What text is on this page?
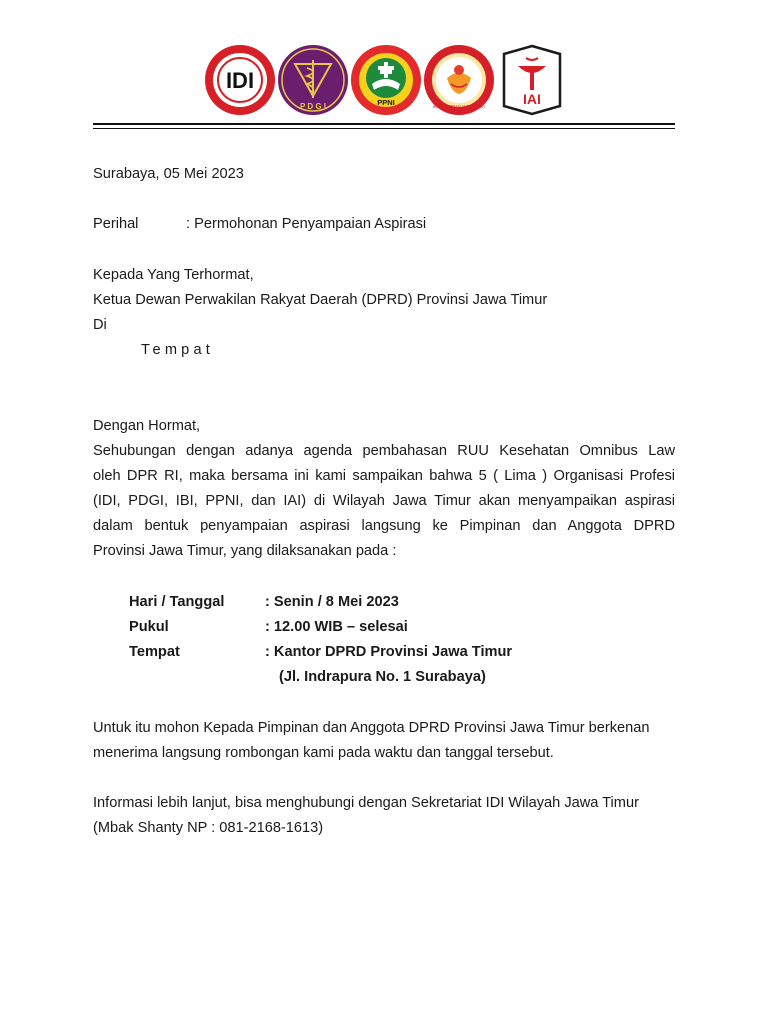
IDI
P D G I	PPNI	IKATAN BIDAN INDONESIA	IAI
Surabaya, 05 Mei 2023
Perihal	: Permohonan Penyampaian Aspirasi
Kepada Yang Terhormat,
Ketua Dewan Perwakilan Rakyat Daerah (DPRD) Provinsi Jawa Timur
Di
Tempat
Dengan Hormat,
Sehubungan dengan adanya agenda pembahasan RUU Kesehatan Omnibus Law
oleh DPR RI, maka bersama ini kami sampaikan bahwa 5 ( Lima ) Organisasi Profesi
(IDI, PDGI, IBI, PPNI, dan IAI) di Wilayah Jawa Timur akan menyampaikan aspirasi
dalam bentuk penyampaian aspirasi langsung ke Pimpinan dan Anggota DPRD
Provinsi Jawa Timur, yang dilaksanakan pada :
Hari / Tanggal	: Senin / 8 Mei 2023
Pukul	: 12.00 WIB – selesai
Tempat	: Kantor DPRD Provinsi Jawa Timur
(Jl. Indrapura No. 1 Surabaya)
Untuk itu mohon Kepada Pimpinan dan Anggota DPRD Provinsi Jawa Timur berkenan
menerima langsung rombongan kami pada waktu dan tanggal tersebut.
Informasi lebih lanjut, bisa menghubungi dengan Sekretariat IDI Wilayah Jawa Timur
(Mbak Shanty NP : 081-2168-1613)
